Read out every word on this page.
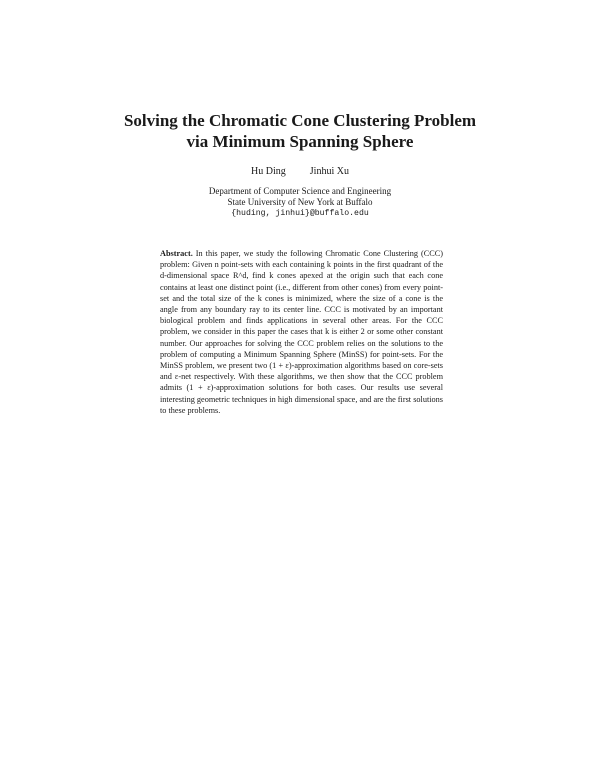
Solving the Chromatic Cone Clustering Problem
via Minimum Spanning Sphere
Hu Ding Jinhui Xu
Department of Computer Science and Engineering
State University of New York at Buffalo
{huding, jinhui}@buffalo.edu

Abstract. In this paper, we study the following Chromatic Cone Clustering (CCC) problem: Given n point-sets with each containing k points in the first quadrant of the d-dimensional space R^d, find k cones apexed at the origin such that each cone contains at least one distinct point (i.e., different from other cones) from every point-set and the total size of the k cones is minimized, where the size of a cone is the angle from any boundary ray to its center line. CCC is motivated by an important biological problem and finds applications in several other areas. For the CCC problem, we consider in this paper the cases that k is either 2 or some other constant number. Our approaches for solving the CCC problem relies on the solutions to the problem of computing a Minimum Spanning Sphere (MinSS) for point-sets. For the MinSS problem, we present two (1 + ε)-approximation algorithms based on core-sets and ε-net respectively. With these algorithms, we then show that the CCC problem admits (1 + ε)-approximation solutions for both cases. Our results use several interesting geometric techniques in high dimensional space, and are the first solutions to these problems.
